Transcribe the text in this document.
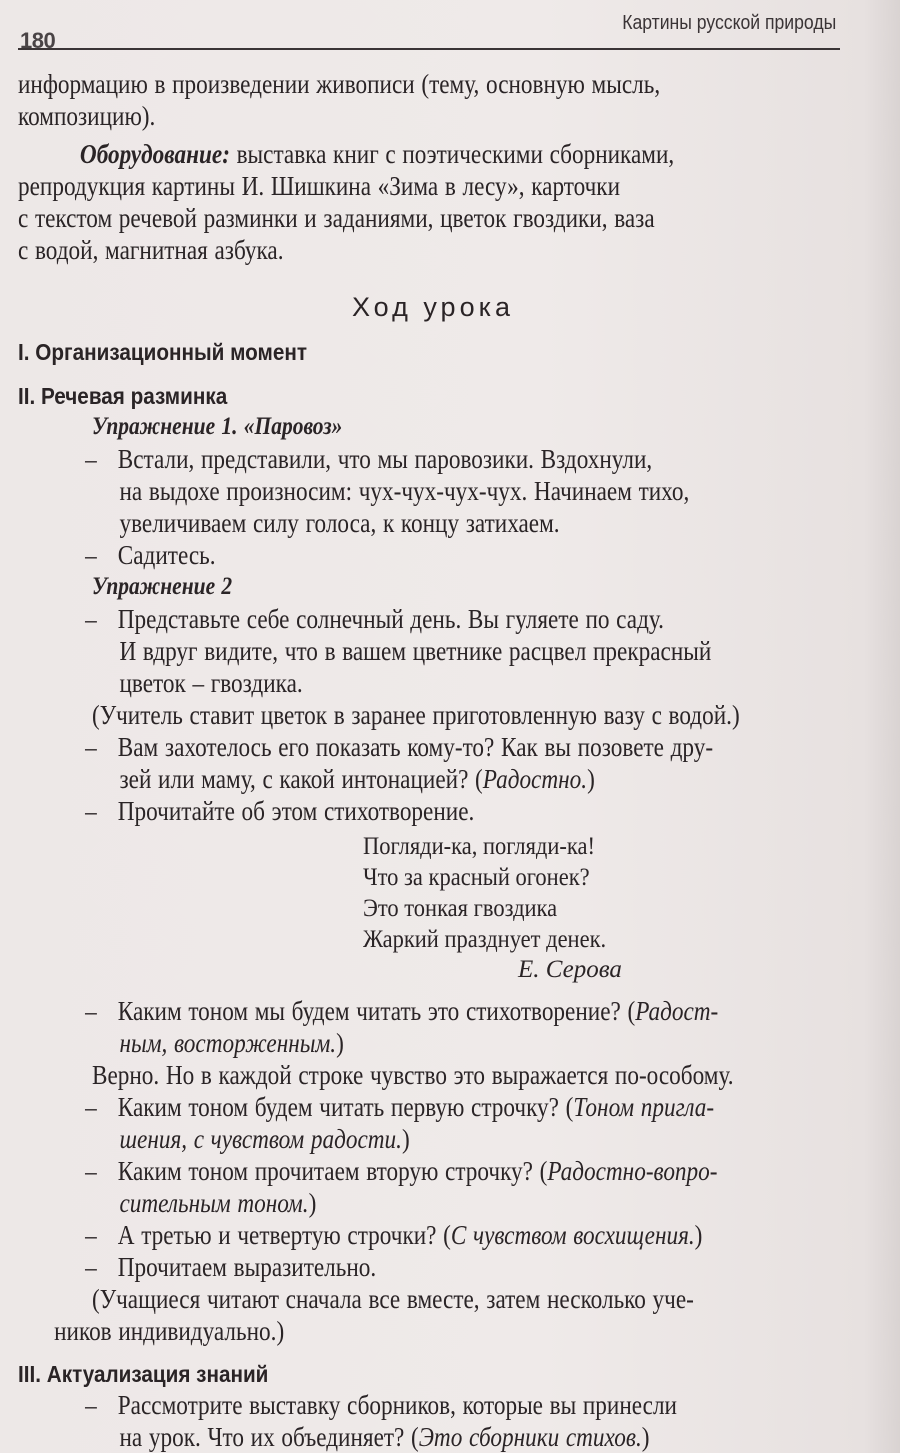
180
Картины русской природы
информацию в произведении живописи (тему, основную мысль,
композицию).
Оборудование: выставка книг с поэтическими сборниками,
репродукция картины И. Шишкина «Зима в лесу», карточки
с текстом речевой разминки и заданиями, цветок гвоздики, ваза
с водой, магнитная азбука.
Ход урока
I. Организационный момент
II. Речевая разминка
Упражнение 1. «Паровоз»
– Встали, представили, что мы паровозики. Вздохнули,
на выдохе произносим: чух-чух-чух-чух. Начинаем тихо,
увеличиваем силу голоса, к концу затихаем.
– Садитесь.
Упражнение 2
– Представьте себе солнечный день. Вы гуляете по саду.
И вдруг видите, что в вашем цветнике расцвел прекрасный
цветок – гвоздика.
(Учитель ставит цветок в заранее приготовленную вазу с водой.)
– Вам захотелось его показать кому-то? Как вы позовете дру-
зей или маму, с какой интонацией? (Радостно.)
– Прочитайте об этом стихотворение.
Погляди-ка, погляди-ка!
Что за красный огонек?
Это тонкая гвоздика
Жаркий празднует денек.
Е. Серова
– Каким тоном мы будем читать это стихотворение? (Радост-
ным, восторженным.)
Верно. Но в каждой строке чувство это выражается по-особому.
– Каким тоном будем читать первую строчку? (Тоном пригла-
шения, с чувством радости.)
– Каким тоном прочитаем вторую строчку? (Радостно-вопро-
сительным тоном.)
– А третью и четвертую строчки? (С чувством восхищения.)
– Прочитаем выразительно.
(Учащиеся читают сначала все вместе, затем несколько уче-
ников индивидуально.)
III. Актуализация знаний
– Рассмотрите выставку сборников, которые вы принесли
на урок. Что их объединяет? (Это сборники стихов.)
